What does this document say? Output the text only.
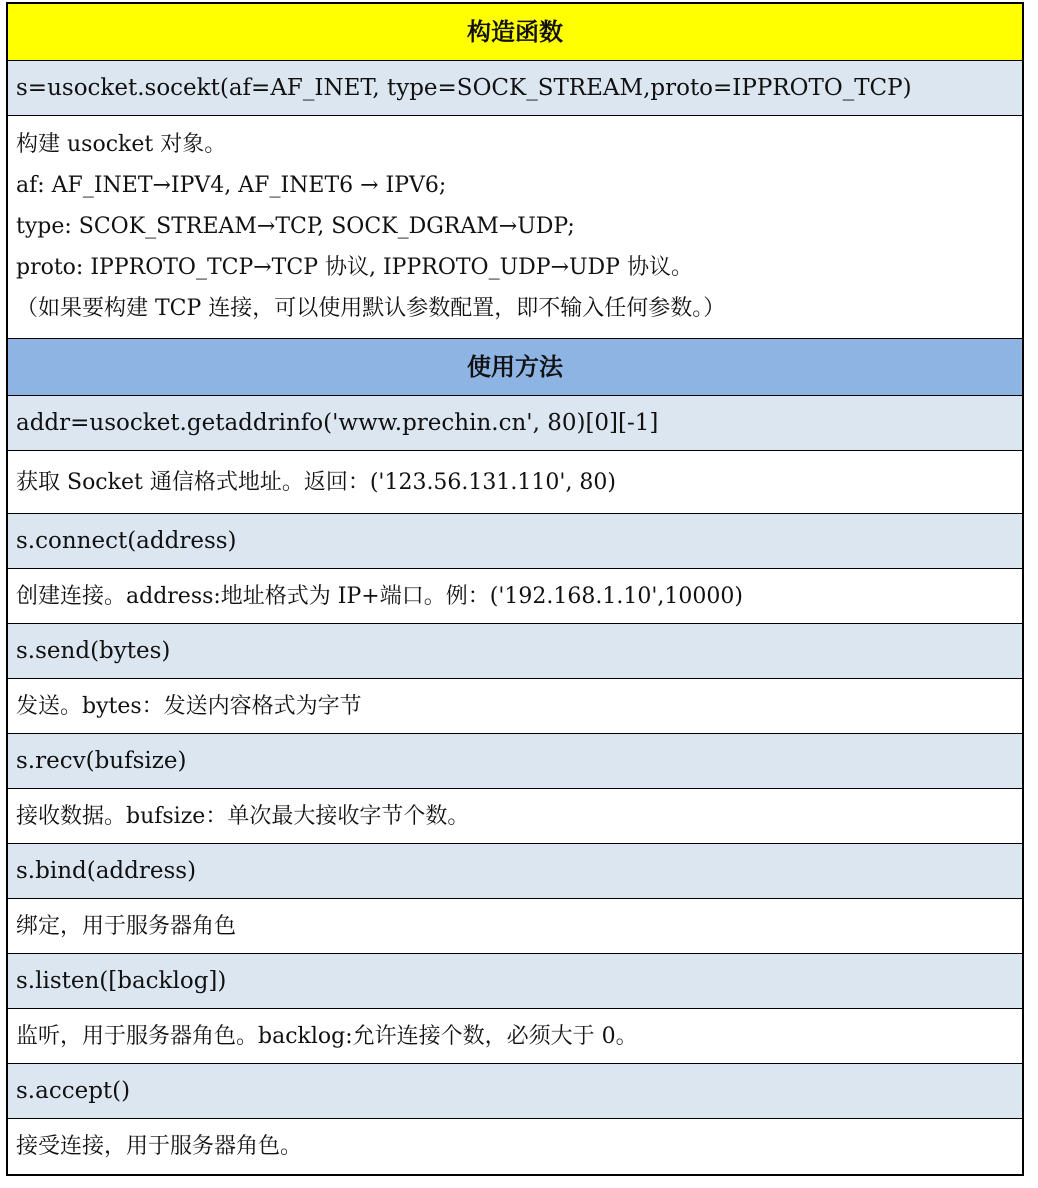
构造函数
s=usocket.socekt(af=AF_INET, type=SOCK_STREAM,proto=IPPROTO_TCP)
构建 usocket 对象。
af: AF_INET→IPV4, AF_INET6 → IPV6;
type: SCOK_STREAM→TCP, SOCK_DGRAM→UDP;
proto: IPPROTO_TCP→TCP 协议, IPPROTO_UDP→UDP 协议。
（如果要构建 TCP 连接，可以使用默认参数配置，即不输入任何参数。）
使用方法
addr=usocket.getaddrinfo('www.prechin.cn', 80)[0][-1]
获取 Socket 通信格式地址。返回：('123.56.131.110', 80)
s.connect(address)
创建连接。address:地址格式为 IP+端口。例：('192.168.1.10',10000)
s.send(bytes)
发送。bytes：发送内容格式为字节
s.recv(bufsize)
接收数据。bufsize：单次最大接收字节个数。
s.bind(address)
绑定，用于服务器角色
s.listen([backlog])
监听，用于服务器角色。backlog:允许连接个数，必须大于 0。
s.accept()
接受连接，用于服务器角色。
